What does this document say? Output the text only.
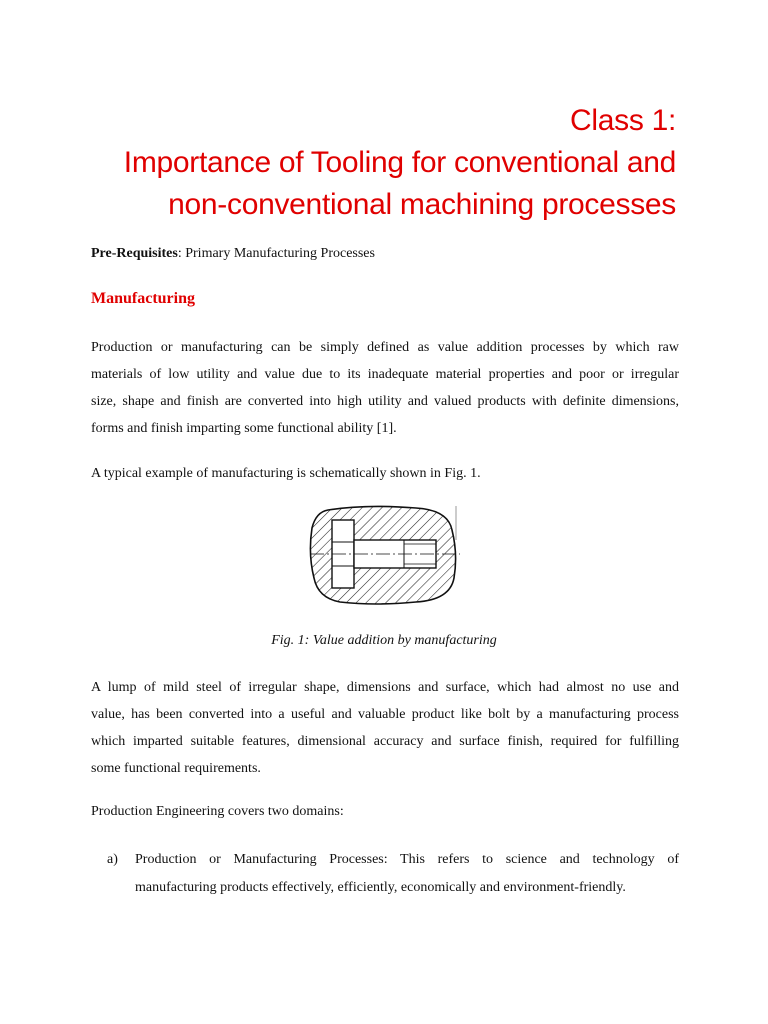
Class 1:
Importance of Tooling for conventional and
non-conventional machining processes
Pre-Requisites: Primary Manufacturing Processes
Manufacturing
Production or manufacturing can be simply defined as value addition processes by which raw
materials of low utility and value due to its inadequate material properties and poor or irregular
size, shape and finish are converted into high utility and valued products with definite dimensions,
forms and finish imparting some functional ability [1].
A typical example of manufacturing is schematically shown in Fig. 1.
Fig. 1: Value addition by manufacturing
A lump of mild steel of irregular shape, dimensions and surface, which had almost no use and
value, has been converted into a useful and valuable product like bolt by a manufacturing process
which imparted suitable features, dimensional accuracy and surface finish, required for fulfilling
some functional requirements.
Production Engineering covers two domains:
a) Production or Manufacturing Processes: This refers to science and technology of
manufacturing products effectively, efficiently, economically and environment-friendly.
